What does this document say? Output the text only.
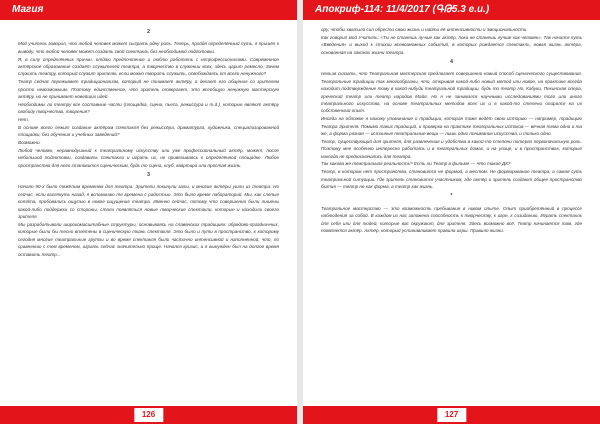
Магия
2

Мой учитель говорил, что любой человек может сыграть одну роль. Теперь, пройдя определённый путь, я пришёл к выводу, что любой человек может создать свой спектакль без необходимой подготовки.

Я, в силу определённых причин, отдаю предпочтение и люблю работать с непрофессионалами. Современное актёрское образование создаёт служителей театра, а творчество в служении всех, здесь царит ремесло. Зачем служить театру, который служит зрителю, если можно творить служить, освобождаясь от всего ненужного?

Театр сейчас переживает традиционализм, который не понимает актёру, а делает его общение со зрителем просто невозможным. Поэтому единственное, что зритель отвергает, это всеобщую ненужную мастерскую актёру, но не принимает новейших идей.

Необходимы ли театру все составные части (площадка, сцена, пьеса, режиссура и т.д.), которые являют актёру свободу творчества, творения?

Нет.

В основе всего лежит создание актёром спектакля без режиссёра, драматурга, художника, специализированной площадки, без обучения и учебных заведений?

Возможно.

Любой человек, неравнодушный к театральному искусству или уже профессиональный актёр, может, после небольшой подготовки, создавать спектакли и играть их, не привязываясь к определённой площадке. Любое пространство для него становится сценическим, будь то сцена, клуб, квартира или простая жизнь.

3

Начало 90-х было тяжёлым временем для театра. Зрители покинули залы, и многие актёры ушли из театра. Но сейчас, если взглянуть назад, я вспоминаю те времена с радостью. Это было время лабораторий. Мы, как слепые котята, пробовались ощупью в новое ощущение театра. Именно сейчас, потому что совершенно были лишены какой-либо поддержки со стороны, стали появляться новые творческие спектакли, которые и находили своего зрителя.

Мы разрабатывали широкомасштабные структуры, основываясь на славянских традициях: обрядово-праздничных, которые были бы тесно вплетены в сценическую ткань спектакля. Это было и пути в пространство, к которому сегодня многие театральные группы и во время спектакля было частично интенсивной и наполненной, что, по сравнению с тем временем, играть сейчас значительно проще. Начался кризис, и я вынужден был на долгое время оставить театр...

126
Апокриф-114: 11/4/2017 (ԳԹ5.3 e.u.)

ору, чтобы хватило сил обрести свою жизнь и найти её интенсивности и эмоциональности.

Как говорил мой Учитель: «Ты не станешь лучше как актёр, пока не станешь лучше как человек». Так начался путь «Введения» и выход к стихии всевозможных событий, в которых рождается спектакль, новая жизнь актёра, основанная на законах жизни театра.

4

Нельзя сказать, что Театральная мастерская предлагает совершенно новый способ сценического существования. Театральные традиции так многообразны, что, открывая какой-либо новый метод или новое, на практике всегда находит подтверждение тому в какой-нибудь театральной традиции, будь то театр Но, Кабуки, Пекинская опера, греческий театр или театр народов Майя. Но я не занимался научными исследованиями того или иного театрального искусства, на основе театральных методов всех их и в какой-то степени опирался на их собственный опыт.

Иногда на обложке я нахожу упоминание о традиции, которая тоже ведёт свою историю — например, традицию Театра Зрителя. Помимо таких традиций, и проверка на практике театральных истоков — вечная тема одна и та же, а форма разная — истинные театральные вещи — лишь одно понимание искусства, и только одно.

Театр, существующий для зрителя, для развлечения и удобства в какой-то степени потерял первоначальную роль. Поэтому мне особенно интересно работать и в театральных домах, и на улице, и в пространствах, которые никогда не предназначались для театра.

Так какова же театральная реальность? Есть ли Театр в фильме — Что такое ДК?

Театр, в котором нет пространства, становится не формой, а местом. Не формирование театра, а самая суть театральной ситуации. Где зритель становится участником, где актёр и зритель создают общее пространство бытия — театр не как форма, а театр как жизнь.

*

Театральное мастерство — это возможность пребывания в новом опыте. Опыт приобретённый в процессе наблюдения за собой. В каждом из нас заложена способность к творчеству, к игре, к созиданию. Играть спектакль для себя или для людей, которые вас окружают, для зрителя. Здесь возможно всё. Театр начинается там, где появляется актёр. Актёр, который устанавливает правила игры. Правило жизни.

127
